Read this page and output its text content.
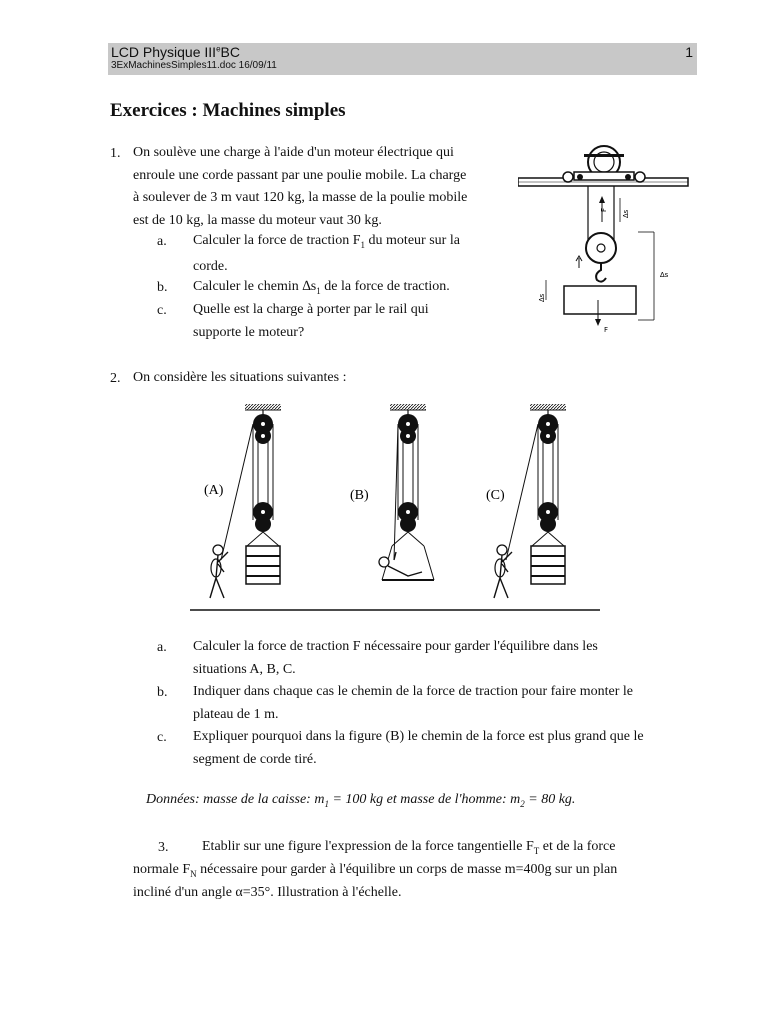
LCD Physique IIIeBC	1
3ExMachinesSimples11.doc 16/09/11
Exercices : Machines simples
1. On soulève une charge à l'aide d'un moteur électrique qui
enroule une corde passant par une poulie mobile. La charge
à soulever de 3 m vaut 120 kg, la masse de la poulie mobile
est de 10 kg, la masse du moteur vaut 30 kg.
a. Calculer la force de traction $F_1$ du moteur sur la
corde.
b. Calculer le chemin $\Delta s_1$ de la force de traction.
c. Quelle est la charge à porter par le rail qui
supporte le moteur?
F ∆s
∆s
∆s
F
2. On considère les situations suivantes :
(A)	(B)	(C)
a. Calculer la force de traction F nécessaire pour garder l'équilibre dans les
situations A, B, C.
b. Indiquer dans chaque cas le chemin de la force de traction pour faire monter le
plateau de 1 m.
c. Expliquer pourquoi dans la figure (B) le chemin de la force est plus grand que le
segment de corde tiré.
Données: masse de la caisse: $m_1 = 100$ kg et masse de l'homme: $m_2 = 80$ kg.
3. Etablir sur une figure l'expression de la force tangentielle $F_T$ et de la force
normale $F_N$ nécessaire pour garder à l'équilibre un corps de masse m=400g sur un plan
incliné d'un angle α=35°. Illustration à l'échelle.
